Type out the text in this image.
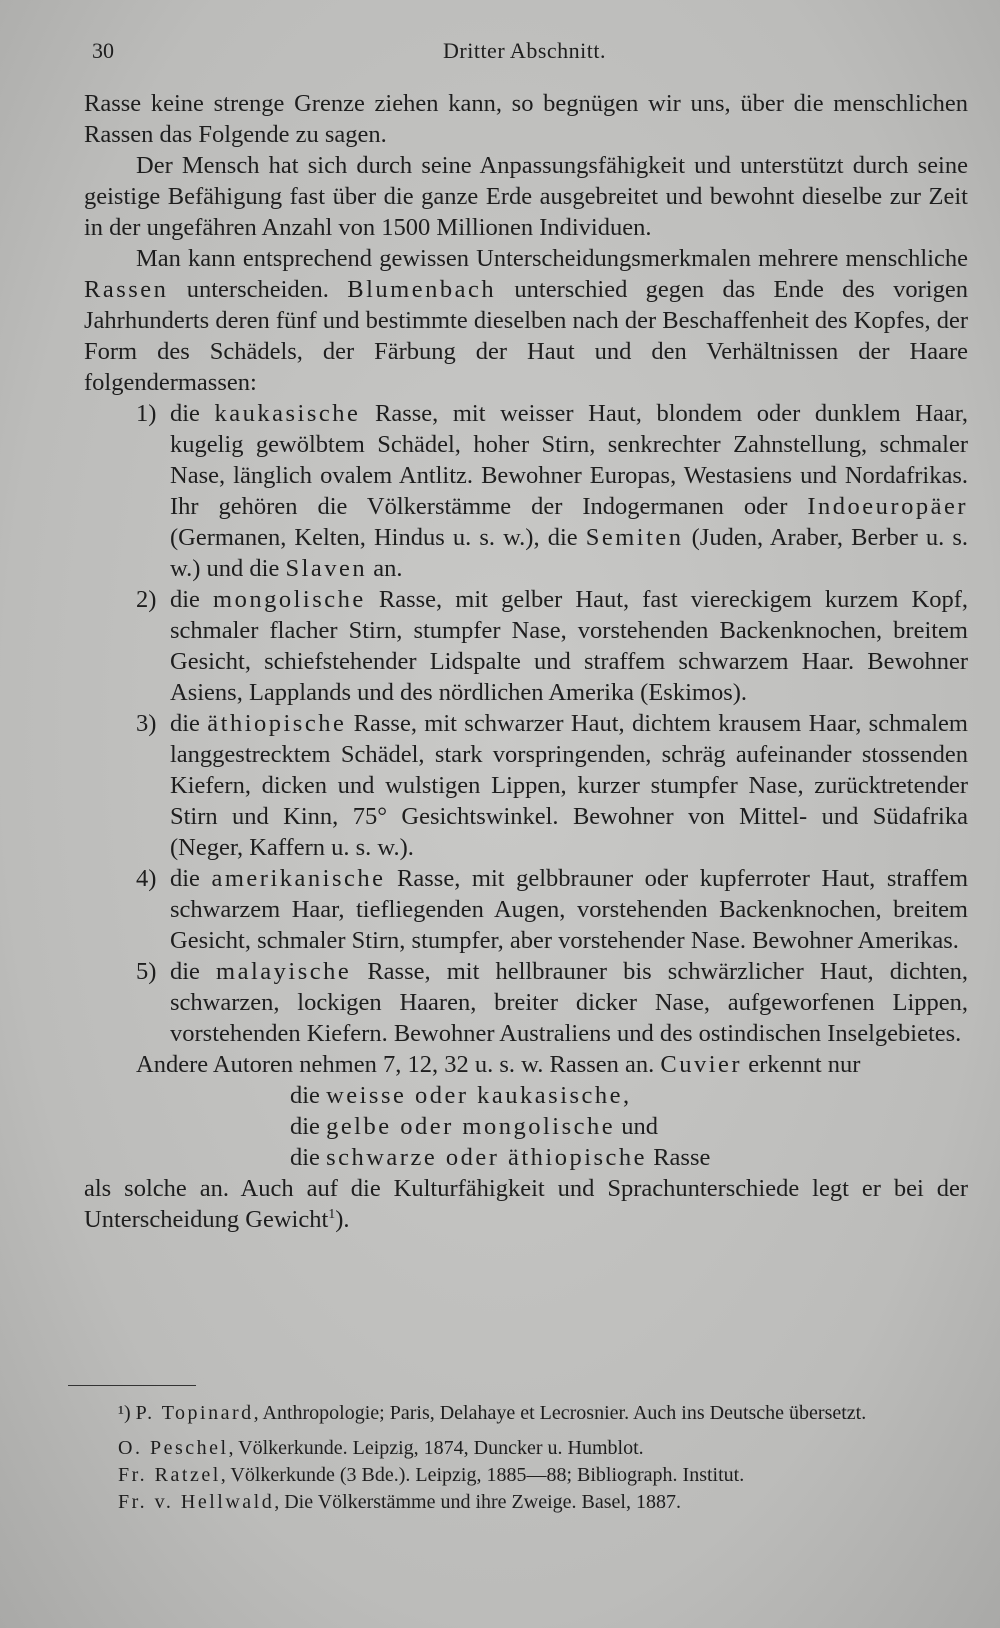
30	Dritter Abschnitt.

Rasse keine strenge Grenze ziehen kann, so begnügen wir uns, über die menschlichen Rassen das Folgende zu sagen.

Der Mensch hat sich durch seine Anpassungsfähigkeit und unterstützt durch seine geistige Befähigung fast über die ganze Erde ausgebreitet und bewohnt dieselbe zur Zeit in der ungefähren Anzahl von 1500 Millionen Individuen.

Man kann entsprechend gewissen Unterscheidungsmerkmalen mehrere menschliche Rassen unterscheiden. Blumenbach unterschied gegen das Ende des vorigen Jahrhunderts deren fünf und bestimmte dieselben nach der Beschaffenheit des Kopfes, der Form des Schädels, der Färbung der Haut und den Verhältnissen der Haare folgendermassen:

1) die kaukasische Rasse, mit weisser Haut, blondem oder dunklem Haar, kugelig gewölbtem Schädel, hoher Stirn, senkrechter Zahnstellung, schmaler Nase, länglich ovalem Antlitz. Bewohner Europas, Westasiens und Nordafrikas. Ihr gehören die Völkerstämme der Indogermanen oder Indoeuropäer (Germanen, Kelten, Hindus u. s. w.), die Semiten (Juden, Araber, Berber u. s. w.) und die Slaven an.
2) die mongolische Rasse, mit gelber Haut, fast viereckigem kurzem Kopf, schmaler flacher Stirn, stumpfer Nase, vorstehenden Backenknochen, breitem Gesicht, schiefstehender Lidspalte und straffem schwarzem Haar. Bewohner Asiens, Lapplands und des nördlichen Amerika (Eskimos).
3) die äthiopische Rasse, mit schwarzer Haut, dichtem krausem Haar, schmalem langgestrecktem Schädel, stark vorspringenden, schräg aufeinander stossenden Kiefern, dicken und wulstigen Lippen, kurzer stumpfer Nase, zurücktretender Stirn und Kinn, 75° Gesichtswinkel. Bewohner von Mittel- und Südafrika (Neger, Kaffern u. s. w.).
4) die amerikanische Rasse, mit gelbbrauner oder kupferroter Haut, straffem schwarzem Haar, tiefliegenden Augen, vorstehenden Backenknochen, breitem Gesicht, schmaler Stirn, stumpfer, aber vorstehender Nase. Bewohner Amerikas.
5) die malayische Rasse, mit hellbrauner bis schwärzlicher Haut, dichten, schwarzen, lockigen Haaren, breiter dicker Nase, aufgeworfenen Lippen, vorstehenden Kiefern. Bewohner Australiens und des ostindischen Inselgebietes.

Andere Autoren nehmen 7, 12, 32 u. s. w. Rassen an. Cuvier erkennt nur

die weisse oder kaukasische,

die gelbe oder mongolische und

die schwarze oder äthiopische Rasse

als solche an. Auch auf die Kulturfähigkeit und Sprachunterschiede legt er bei der Unterscheidung Gewicht$^1$).

¹) P. Topinard, Anthropologie; Paris, Delahaye et Lecrosnier. Auch ins Deutsche übersetzt.

O. Peschel, Völkerkunde. Leipzig, 1874, Duncker u. Humblot.

Fr. Ratzel, Völkerkunde (3 Bde.). Leipzig, 1885—88; Bibliograph. Institut.

Fr. v. Hellwald, Die Völkerstämme und ihre Zweige. Basel, 1887.
